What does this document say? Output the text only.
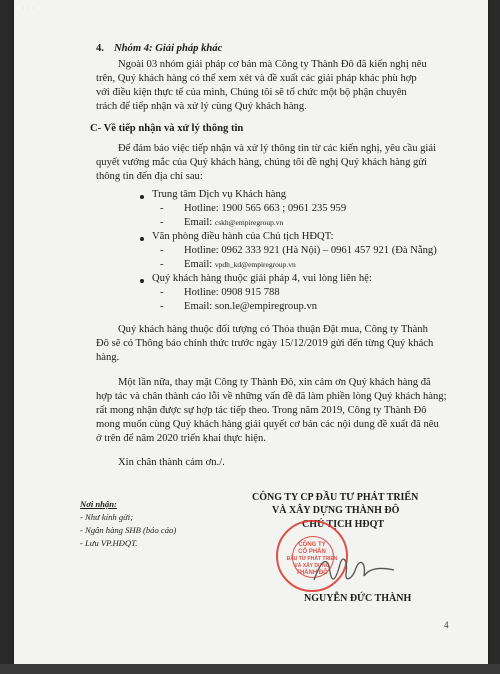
· · ·
4. Nhóm 4: Giải pháp khác
Ngoài 03 nhóm giải pháp cơ bản mà Công ty Thành Đô đã kiến nghị nêu
trên, Quý khách hàng có thể xem xét và đề xuất các giải pháp khác phù hợp
với điều kiện thực tế của mình, Chúng tôi sẽ tổ chức một bộ phận chuyên
trách để tiếp nhận và xử lý cùng Quý khách hàng.
C- Về tiếp nhận và xử lý thông tin
Để đảm bảo việc tiếp nhận và xử lý thông tin từ các kiến nghị, yêu cầu giải
quyết vướng mắc của Quý khách hàng, chúng tôi đề nghị Quý khách hàng gửi
thông tin đến địa chỉ sau:
Trung tâm Dịch vụ Khách hàng
- Hotline: 1900 565 663 ; 0961 235 959
- Email: cskh@empiregroup.vn
Văn phòng điều hành của Chủ tịch HĐQT:
- Hotline: 0962 333 921 (Hà Nội) – 0961 457 921 (Đà Nẵng)
- Email: vpdh_kd@empiregroup.vn
Quý khách hàng thuộc giải pháp 4, vui lòng liên hệ:
- Hotline: 0908 915 788
- Email: son.le@empiregroup.vn
Quý khách hàng thuộc đối tượng có Thỏa thuận Đặt mua, Công ty Thành
Đô sẽ có Thông báo chính thức trước ngày 15/12/2019 gửi đến từng Quý khách
hàng.
Một lần nữa, thay mặt Công ty Thành Đô, xin cảm ơn Quý khách hàng đã
hợp tác và chân thành cáo lỗi về những vấn đề đã làm phiền lòng Quý khách hàng;
rất mong nhận được sự hợp tác tiếp theo. Trong năm 2019, Công ty Thành Đô
mong muốn cùng Quý khách hàng giải quyết cơ bản các nội dung đề xuất đã nêu
ở trên để năm 2020 triển khai thực hiện.
Xin chân thành cảm ơn./.
Nơi nhận:
- Như kính gửi;
- Ngân hàng SHB (báo cáo)
- Lưu VP.HĐQT.
CÔNG TY CP ĐẦU TƯ PHÁT TRIỂN
VÀ XÂY DỰNG THÀNH ĐÔ
CHỦ TỊCH HĐQT
CÔNG TY
CỔ PHẦN
ĐẦU TƯ PHÁT TRIỂN
VÀ XÂY DỰNG
THÀNH ĐÔ
NGUYỄN ĐỨC THÀNH
4
